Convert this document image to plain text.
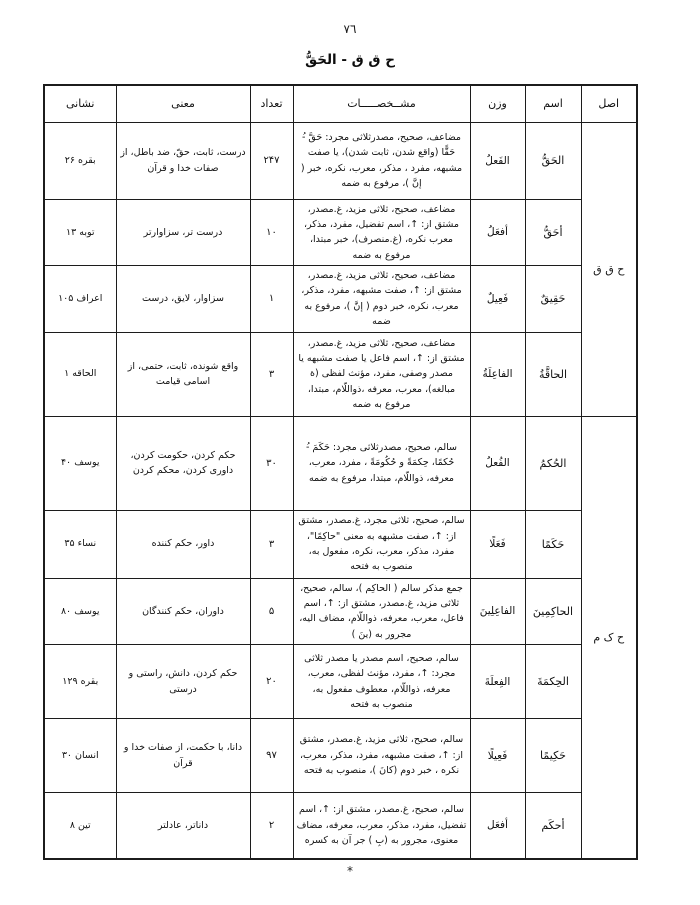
٧٦
ح ق ق - الحَقُّ
اصل	اسم	وزن	مشــخصـــــات	تعداد	معنی	نشانی
ح ق ق	الحَقُّ	الفَعلُ	مضاعف، صحیح، مصدرثلاثی مجرد: حَقَّ -ُ حَقًّا (واقع شدن، ثابت شدن)، یا صفت مشبهه، مفرد ، مذکر، معرب، نکره، خبر ( إنَّ )، مرفوع به ضمه	۲۴۷	درست، ثابت، حقّ، ضد باطل، از صفات خدا و قرآن	بقره ۲۶
	أحَقُّ	أفعَلُ	مضاعف، صحیح، ثلاثی مزید، غ.مصدر، مشتق از: ↑، اسم تفضیل، مفرد، مذکر، معرب نکره، (غ.منصرف)، خبر مبتدا، مرفوع به ضمه	۱۰	درست تر، سزاوارتر	توبه ۱۳
	حَقِیقٌ	فَعِیلٌ	مضاعف، صحیح، ثلاثی مزید، غ.مصدر، مشتق از: ↑، صفت مشبهه، مفرد، مذکر، معرب، نکره، خبر دوم ( إنَّ )، مرفوع به ضمه	۱	سزاوار، لایق، درست	اعراف ۱۰۵
	الحاقَّةُ	الفاعِلَةُ	مضاعف، صحیح، ثلاثی مزید، غ.مصدر، مشتق از: ↑، اسم فاعل یا صفت مشبهه یا مصدر وصفی، مفرد، مؤنث لفظی (ة مبالغه)، معرب، معرفه ،ذواللّام، مبتدا، مرفوع به ضمه	۳	واقع شونده، ثابت، حتمی، از اسامی قیامت	الحاقه ۱
ح ک م	الحُكمُ	الفُعلُ	سالم، صحیح، مصدرثلاثی مجرد: حَكَمَ -ُ حُكمًا، حِكمَةً و حُكُومَةً ، مفرد، معرب، معرفه، ذواللّام، مبتدا، مرفوع به ضمه	۳۰	حکم کردن، حکومت کردن، داوری کردن، محکم کردن	یوسف ۴۰
	حَكَمًا	فَعَلًا	سالم، صحیح، ثلاثی مجرد، غ.مصدر، مشتق از: ↑، صفت مشبهه به معنی "حاكِمًا"، مفرد، مذکر، معرب، نکره، مفعول به، منصوب به فتحه	۳	داور، حکم کننده	نساء ۳۵
	الحاكِمِينَ	الفاعِلِینَ	جمع مذکر سالم ( الحاكِم )، سالم، صحیح، ثلاثی مزید، غ.مصدر، مشتق از: ↑، اسم فاعل، معرب، معرفه، ذواللّام، مضاف الیه، مجرور به (ینَ )	۵	داوران، حکم کنندگان	یوسف ۸۰
	الحِكمَةَ	الفِعلَةَ	سالم، صحیح، اسم مصدر یا مصدر ثلاثی مجرد: ↑، مفرد، مؤنث لفظی، معرب، معرفه، ذواللّام، معطوف مفعول به، منصوب به فتحه	۲۰	حکم کردن، دانش، راستی و درستی	بقره ۱۲۹
	حَكِیمًا	فَعِیلًا	سالم، صحیح، ثلاثی مزید، غ.مصدر، مشتق از: ↑، صفت مشبهه، مفرد، مذکر، معرب، نکره ، خبر دوم (كانَ )، منصوب به فتحه	۹۷	دانا، با حکمت، از صفات خدا و قرآن	انسان ۳۰
	أحكَم	أفعَل	سالم، صحیح، غ.مصدر، مشتق از: ↑، اسم تفضیل، مفرد، مذکر، معرب، معرفه، مضاف معنوی، مجرور به (بِ ) جر آن به کسره	۲	داناتر، عادلتر	تین ۸
*
